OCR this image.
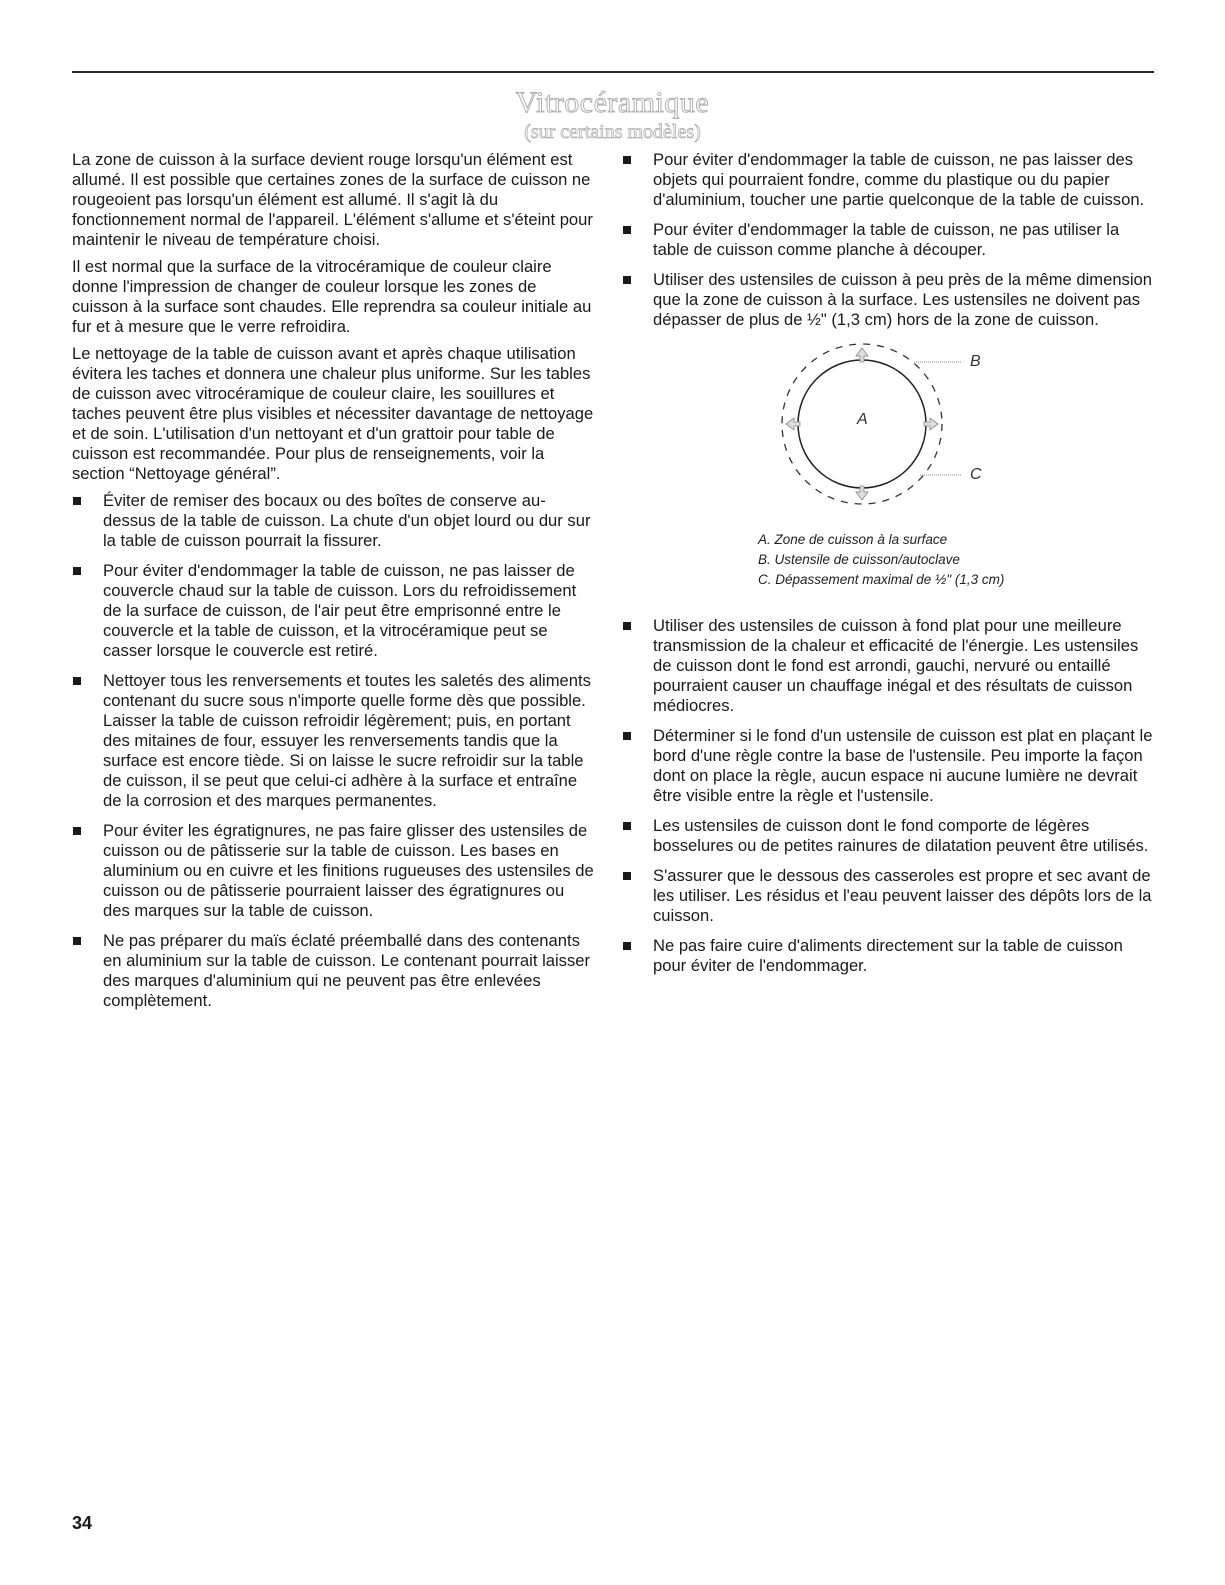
Vitrocéramique
(sur certains modèles)

La zone de cuisson à la surface devient rouge lorsqu'un élément est allumé. Il est possible que certaines zones de la surface de cuisson ne rougeoient pas lorsqu'un élément est allumé. Il s'agit là du fonctionnement normal de l'appareil. L'élément s'allume et s'éteint pour maintenir le niveau de température choisi.

Il est normal que la surface de la vitrocéramique de couleur claire donne l'impression de changer de couleur lorsque les zones de cuisson à la surface sont chaudes. Elle reprendra sa couleur initiale au fur et à mesure que le verre refroidira.

Le nettoyage de la table de cuisson avant et après chaque utilisation évitera les taches et donnera une chaleur plus uniforme. Sur les tables de cuisson avec vitrocéramique de couleur claire, les souillures et taches peuvent être plus visibles et nécessiter davantage de nettoyage et de soin. L'utilisation d'un nettoyant et d'un grattoir pour table de cuisson est recommandée. Pour plus de renseignements, voir la section “Nettoyage général”.

Éviter de remiser des bocaux ou des boîtes de conserve au-dessus de la table de cuisson. La chute d'un objet lourd ou dur sur la table de cuisson pourrait la fissurer.
Pour éviter d'endommager la table de cuisson, ne pas laisser de couvercle chaud sur la table de cuisson. Lors du refroidissement de la surface de cuisson, de l'air peut être emprisonné entre le couvercle et la table de cuisson, et la vitrocéramique peut se casser lorsque le couvercle est retiré.
Nettoyer tous les renversements et toutes les saletés des aliments contenant du sucre sous n'importe quelle forme dès que possible. Laisser la table de cuisson refroidir légèrement; puis, en portant des mitaines de four, essuyer les renversements tandis que la surface est encore tiède. Si on laisse le sucre refroidir sur la table de cuisson, il se peut que celui-ci adhère à la surface et entraîne de la corrosion et des marques permanentes.
Pour éviter les égratignures, ne pas faire glisser des ustensiles de cuisson ou de pâtisserie sur la table de cuisson. Les bases en aluminium ou en cuivre et les finitions rugueuses des ustensiles de cuisson ou de pâtisserie pourraient laisser des égratignures ou des marques sur la table de cuisson.
Ne pas préparer du maïs éclaté préemballé dans des contenants en aluminium sur la table de cuisson. Le contenant pourrait laisser des marques d'aluminium qui ne peuvent pas être enlevées complètement.
Pour éviter d'endommager la table de cuisson, ne pas laisser des objets qui pourraient fondre, comme du plastique ou du papier d'aluminium, toucher une partie quelconque de la table de cuisson.
Pour éviter d'endommager la table de cuisson, ne pas utiliser la table de cuisson comme planche à découper.
Utiliser des ustensiles de cuisson à peu près de la même dimension que la zone de cuisson à la surface. Les ustensiles ne doivent pas dépasser de plus de ½" (1,3 cm) hors de la zone de cuisson.
A
B
C
A. Zone de cuisson à la surface
B. Ustensile de cuisson/autoclave
C. Dépassement maximal de ½" (1,3 cm)
Utiliser des ustensiles de cuisson à fond plat pour une meilleure transmission de la chaleur et efficacité de l'énergie. Les ustensiles de cuisson dont le fond est arrondi, gauchi, nervuré ou entaillé pourraient causer un chauffage inégal et des résultats de cuisson médiocres.
Déterminer si le fond d'un ustensile de cuisson est plat en plaçant le bord d'une règle contre la base de l'ustensile. Peu importe la façon dont on place la règle, aucun espace ni aucune lumière ne devrait être visible entre la règle et l'ustensile.
Les ustensiles de cuisson dont le fond comporte de légères bosselures ou de petites rainures de dilatation peuvent être utilisés.
S'assurer que le dessous des casseroles est propre et sec avant de les utiliser. Les résidus et l'eau peuvent laisser des dépôts lors de la cuisson.
Ne pas faire cuire d'aliments directement sur la table de cuisson pour éviter de l'endommager.
34
